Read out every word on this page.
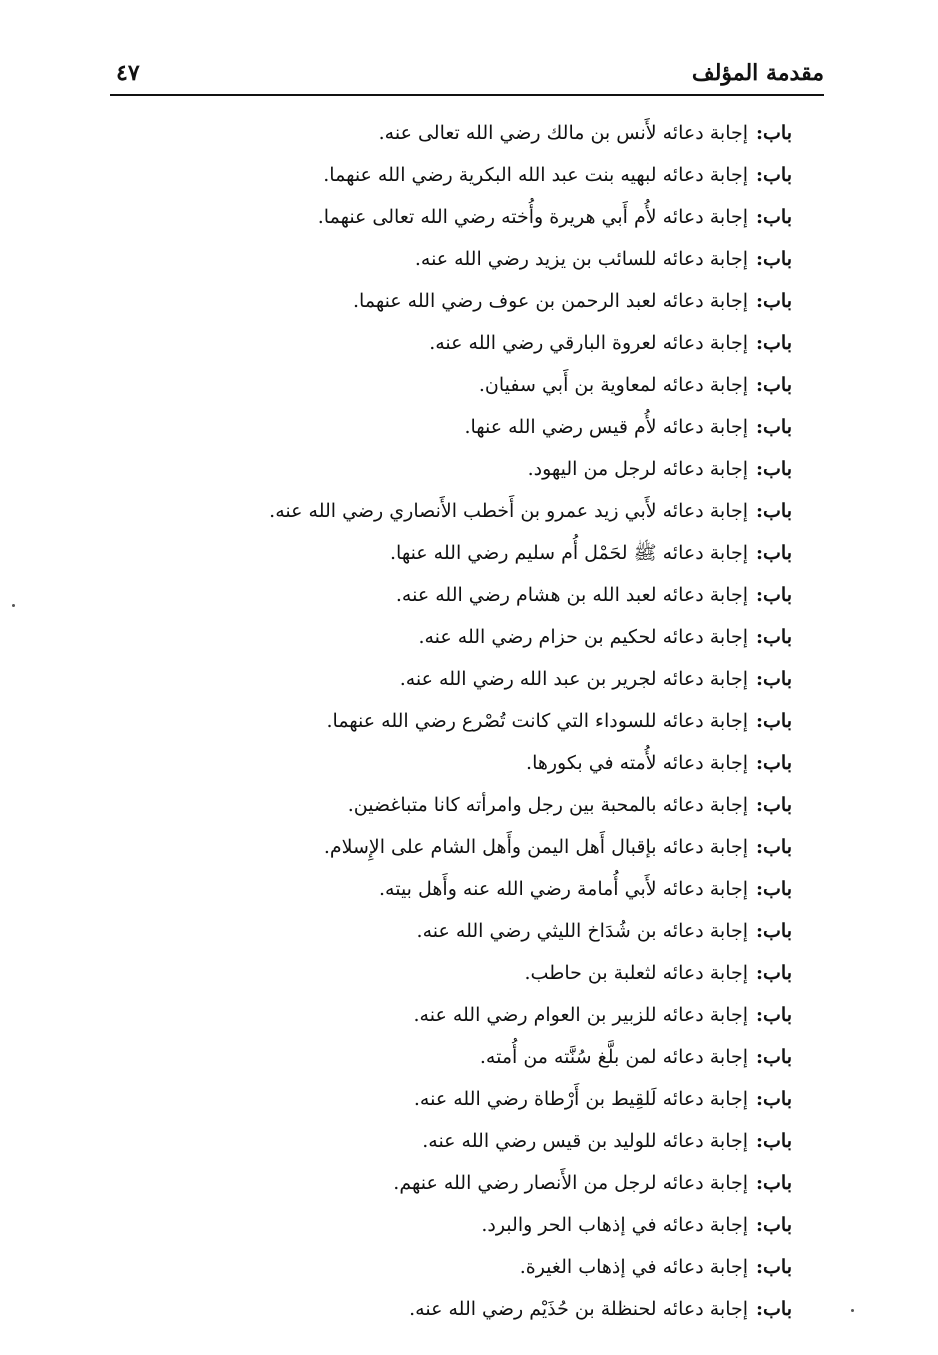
٤٧	مقدمة المؤلف
باب:إجابة دعائه لأَنس بن مالك رضي الله تعالى عنه.
باب:إجابة دعائه لبهيه بنت عبد الله البكرية رضي الله عنهما.
باب:إجابة دعائه لأُم أَبي هريرة وأُخته رضي الله تعالى عنهما.
باب:إجابة دعائه للسائب بن يزيد رضي الله عنه.
باب:إجابة دعائه لعبد الرحمن بن عوف رضي الله عنهما.
باب:إجابة دعائه لعروة البارقي رضي الله عنه.
باب:إجابة دعائه لمعاوية بن أَبي سفيان.
باب:إجابة دعائه لأُم قيس رضي الله عنها.
باب:إجابة دعائه لرجل من اليهود.
باب:إجابة دعائه لأَبي زيد عمرو بن أَخطب الأَنصاري رضي الله عنه.
باب:إجابة دعائه ﷺ لحَمْل أُم سليم رضي الله عنها.
باب:إجابة دعائه لعبد الله بن هشام رضي الله عنه.
باب:إجابة دعائه لحكيم بن حزام رضي الله عنه.
باب:إجابة دعائه لجرير بن عبد الله رضي الله عنه.
باب:إجابة دعائه للسوداء التي كانت تُصْرع رضي الله عنهما.
باب:إجابة دعائه لأُمته في بكورها.
باب:إجابة دعائه بالمحبة بين رجل وامرأته كانا متباغضين.
باب:إجابة دعائه بإقبال أَهل اليمن وأَهل الشام على الإِسلام.
باب:إجابة دعائه لأَبي أُمامة رضي الله عنه وأَهل بيته.
باب:إجابة دعائه بن شُدَاخ الليثي رضي الله عنه.
باب:إجابة دعائه لثعلبة بن حاطب.
باب:إجابة دعائه للزبير بن العوام رضي الله عنه.
باب:إجابة دعائه لمن بلَّغ سُنَّته من أُمته.
باب:إجابة دعائه لَلقِيط بن أَرْطاة رضي الله عنه.
باب:إجابة دعائه للوليد بن قيس رضي الله عنه.
باب:إجابة دعائه لرجل من الأَنصار رضي الله عنهم.
باب:إجابة دعائه في إذهاب الحر والبرد.
باب:إجابة دعائه في إذهاب الغيرة.
باب:إجابة دعائه لحنظلة بن حُذَيْم رضي الله عنه.
